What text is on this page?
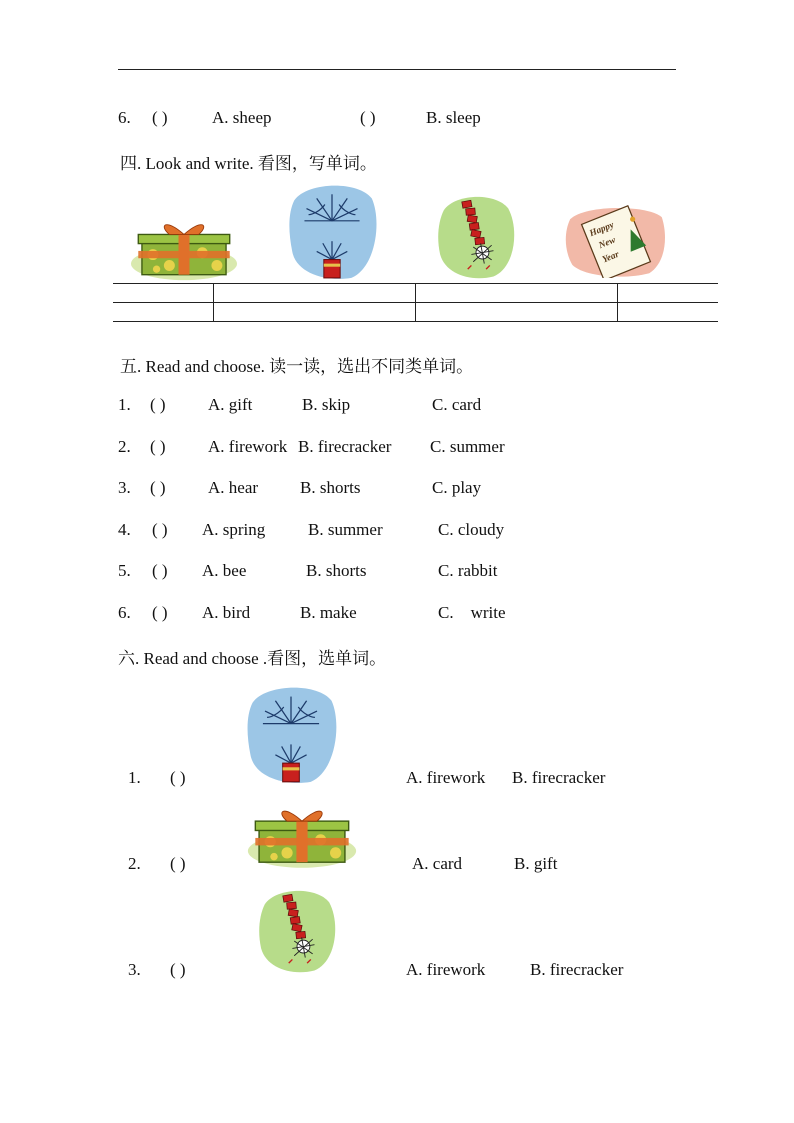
6. ( )	A. sheep	( )	B. sleep
四. Look and write. 看图，写单词。

五. Read and choose. 读一读，选出不同类单词。
1. ( ) A. gift	B. skip	C. card
2. ( ) A. firework B. firecracker C. summer
3. ( ) A. hear B. shorts	C. play
4. ( ) A. spring	B. summer	C. cloudy
5. ( ) A. bee	B. shorts	C. rabbit
6. ( ) A. bird	B. make	C.    write
六. Read and choose .看图，选单词。
1. ( )	A. firework B. firecracker
2. ( )	A. card	B. gift
3. ( )	A. firework	B. firecracker
